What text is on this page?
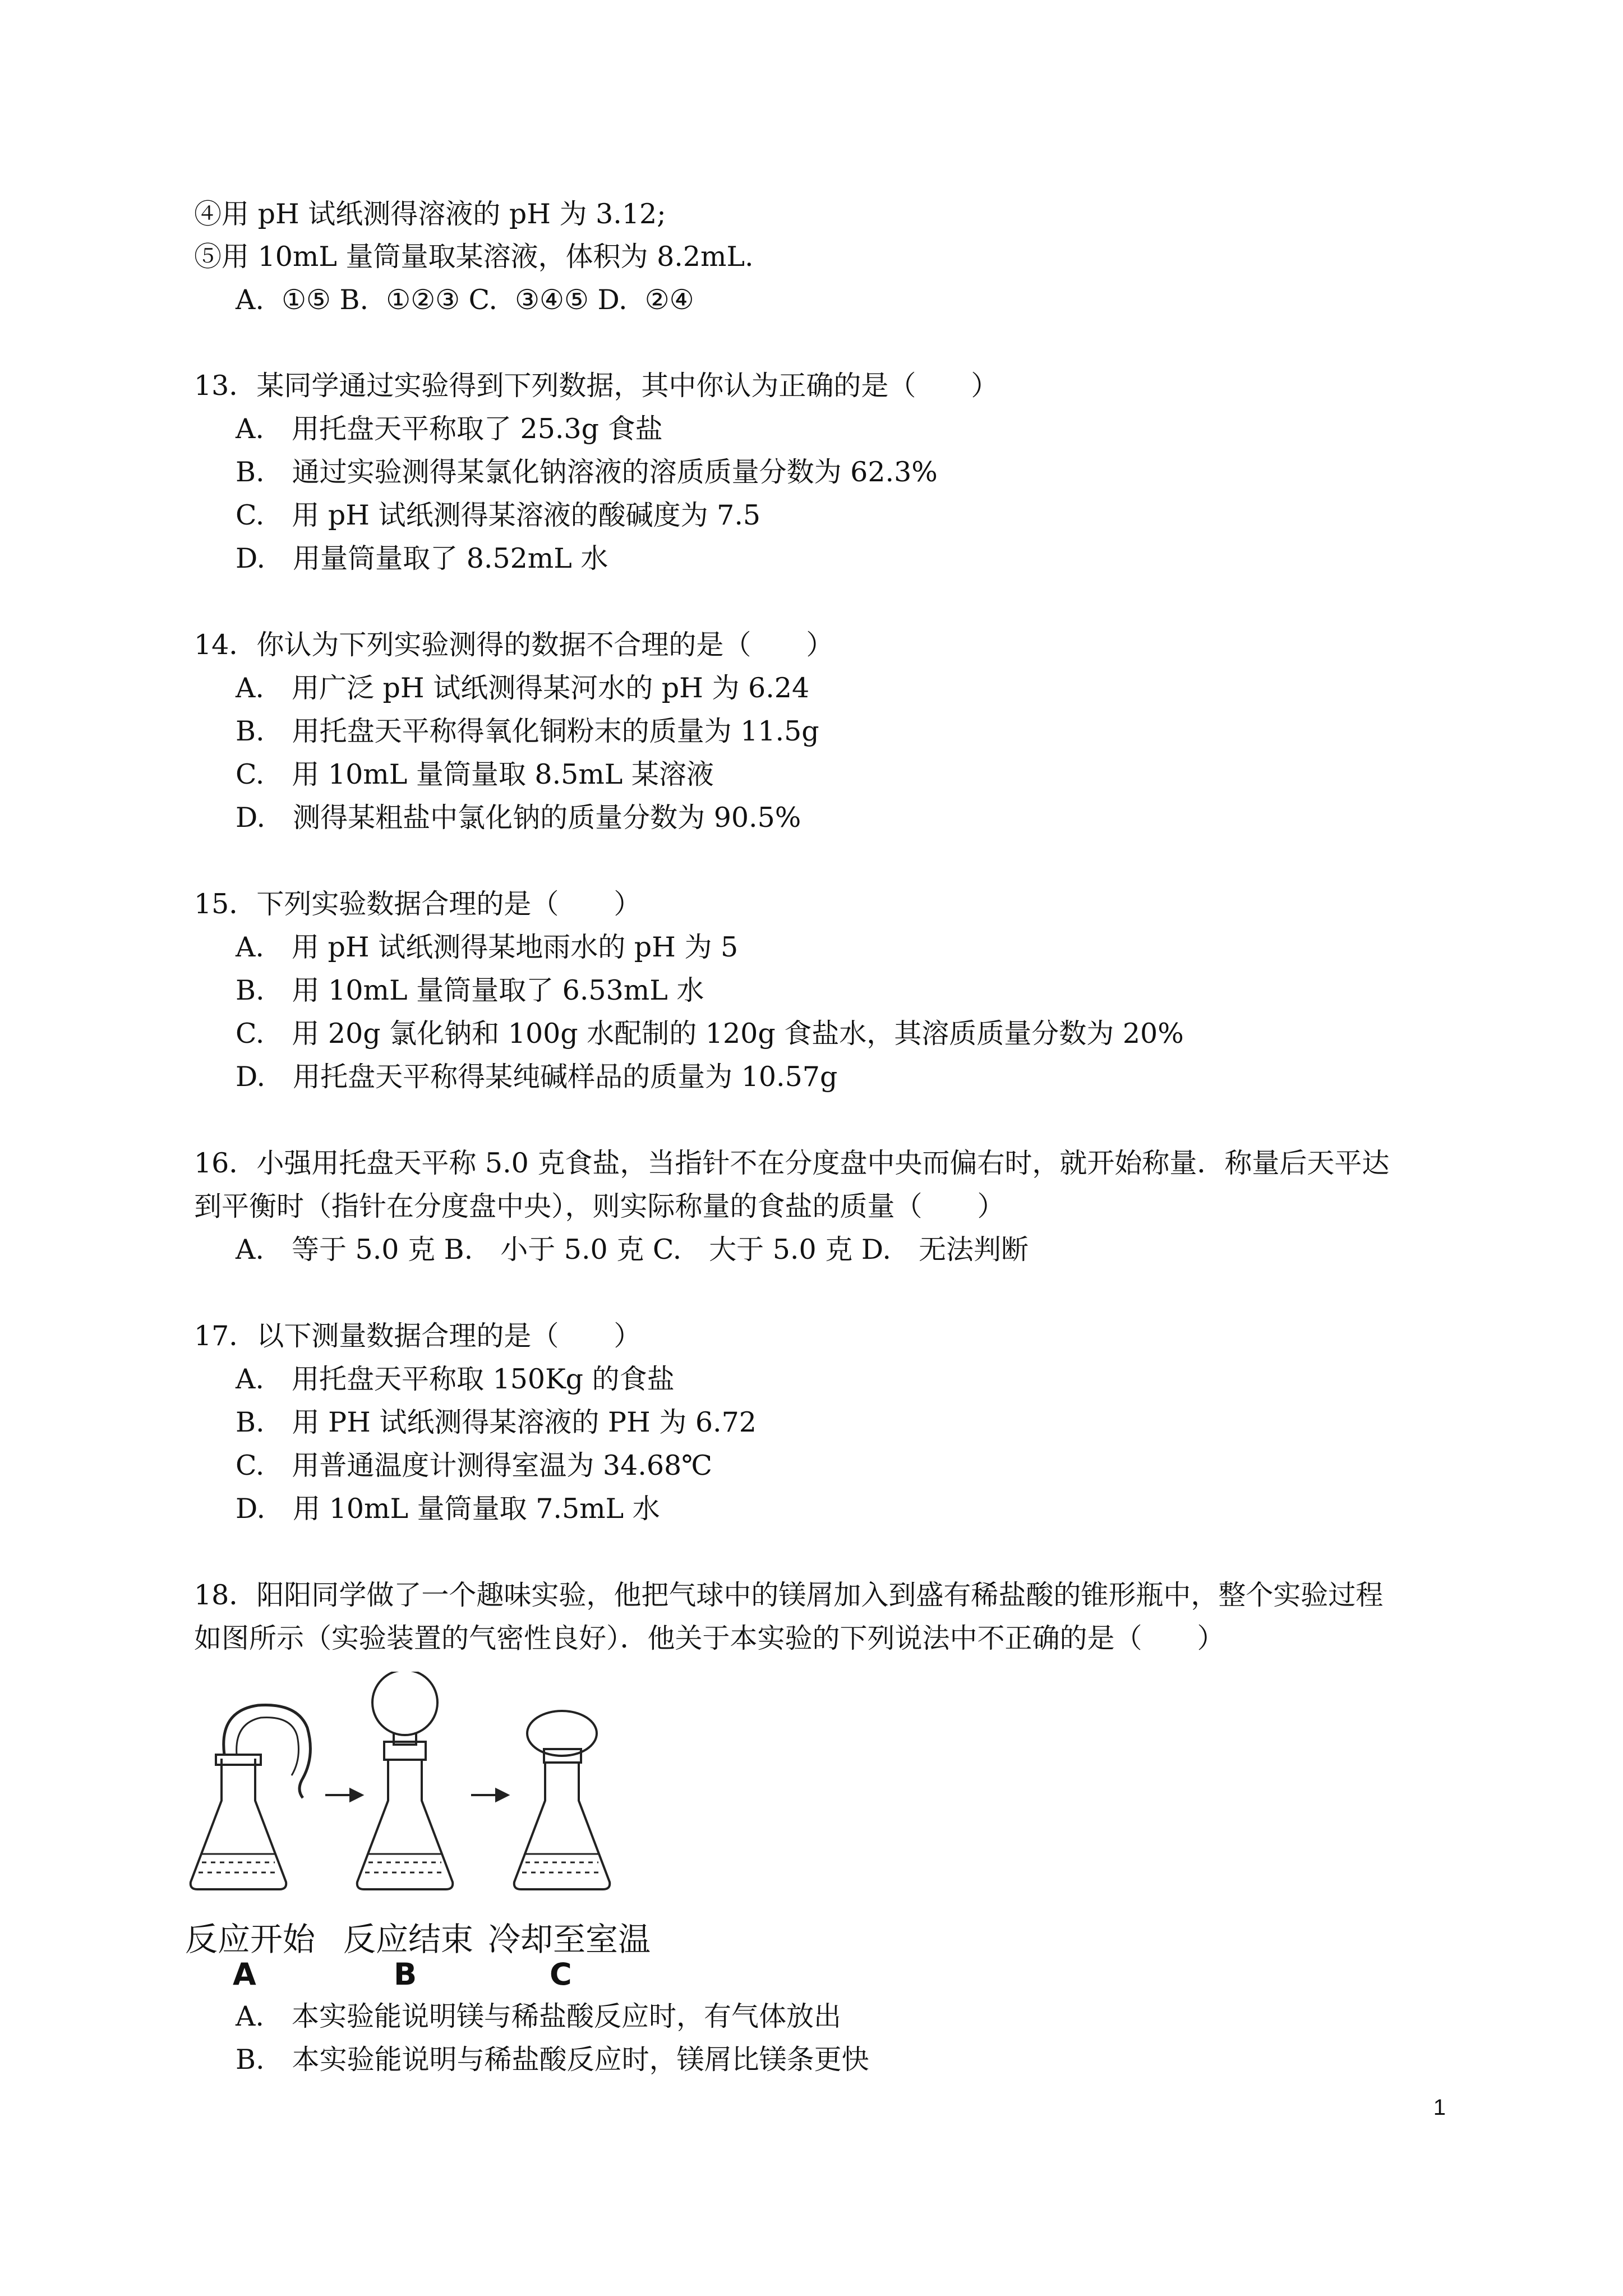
④用 pH 试纸测得溶液的 pH 为 3.12;
⑤用 10mL 量筒量取某溶液，体积为 8.2mL.
A.  ①⑤ B.  ①②③ C.  ③④⑤ D.  ②④
13．某同学通过实验得到下列数据，其中你认为正确的是（　　）
A.　用托盘天平称取了 25.3g 食盐
B.　通过实验测得某氯化钠溶液的溶质质量分数为 62.3%
C.　用 pH 试纸测得某溶液的酸碱度为 7.5
D.　用量筒量取了 8.52mL 水
14．你认为下列实验测得的数据不合理的是（　　）
A.　用广泛 pH 试纸测得某河水的 pH 为 6.24
B.　用托盘天平称得氧化铜粉末的质量为 11.5g
C.　用 10mL 量筒量取 8.5mL 某溶液
D.　测得某粗盐中氯化钠的质量分数为 90.5%
15．下列实验数据合理的是（　　）
A.　用 pH 试纸测得某地雨水的 pH 为 5
B.　用 10mL 量筒量取了 6.53mL 水
C.　用 20g 氯化钠和 100g 水配制的 120g 食盐水，其溶质质量分数为 20%
D.　用托盘天平称得某纯碱样品的质量为 10.57g
16．小强用托盘天平称 5.0 克食盐，当指针不在分度盘中央而偏右时，就开始称量．称量后天平达
到平衡时（指针在分度盘中央），则实际称量的食盐的质量（　　）
A.　等于 5.0 克 B.　小于 5.0 克 C.　大于 5.0 克 D.　无法判断
17．以下测量数据合理的是（　　）
A.　用托盘天平称取 150Kg 的食盐
B.　用 PH 试纸测得某溶液的 PH 为 6.72
C.　用普通温度计测得室温为 34.68℃
D.　用 10mL 量筒量取 7.5mL 水
18．阳阳同学做了一个趣味实验，他把气球中的镁屑加入到盛有稀盐酸的锥形瓶中，整个实验过程
如图所示（实验装置的气密性良好）．他关于本实验的下列说法中不正确的是（　　）
反应开始 反应结束 冷却至室温
A	B	C
A.　本实验能说明镁与稀盐酸反应时，有气体放出
B.　本实验能说明与稀盐酸反应时，镁屑比镁条更快
1
